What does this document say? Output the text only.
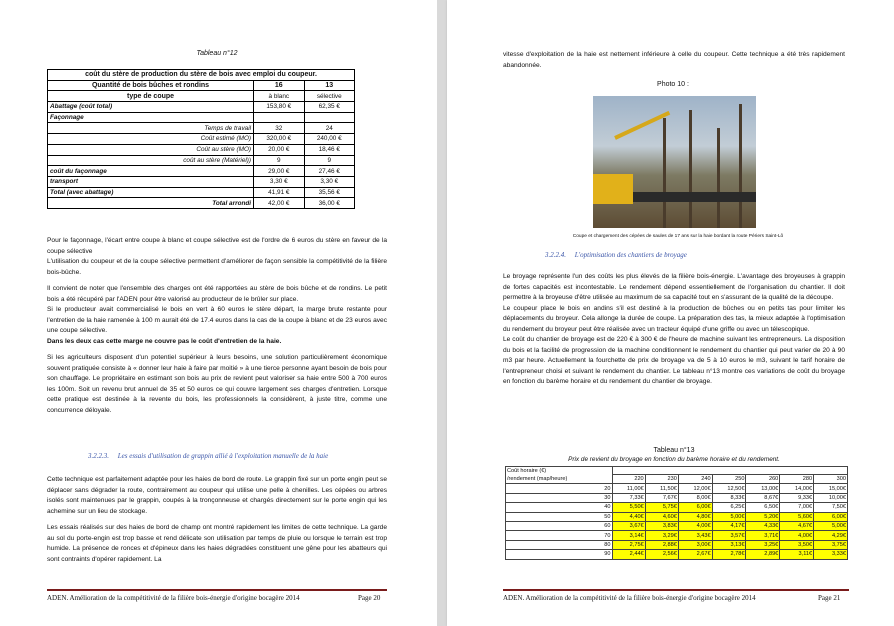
Tableau n°12
coût du stère de production du stère de bois avec emploi du coupeur.		
Quantité de bois bûches et rondins	16	13
type de coupe	à blanc	sélective
Abattage (coût total)	153,80 €	62,35 €
Façonnage		
Temps de travail	32	24
Coût estimé (MO)	320,00 €	240,00 €
Coût au stère (MO)	20,00 €	18,46 €
coût au stère (Matériel))	9	9
coût du façonnage	29,00 €	27,46 €
transport	3,30 €	3,30 €
Total (avec abattage)	41,91 €	35,56 €
Total arrondi	42,00 €	36,00 €

Pour le façonnage, l'écart entre coupe à blanc et coupe sélective est de l'ordre de 6 euros du stère en faveur de la coupe sélective

L'utilisation du coupeur et de la coupe sélective permettent d'améliorer de façon sensible la compétitivité de la filière bois-bûche.

Il convient de noter que l'ensemble des charges ont été rapportées au stère de bois bûche et de rondins. Le petit bois a été récupéré par l'ADEN pour être valorisé au producteur de le brûler sur place.

Si le producteur avait commercialisé le bois en vert à 60 euros le stère départ, la marge brute restante pour l'entretien de la haie ramenée à 100 m aurait été de 17.4 euros dans la cas de la coupe à blanc et de 23 euros avec une coupe sélective.

Dans les deux cas cette marge ne couvre pas le coût d'entretien de la haie.

Si les agriculteurs disposent d'un potentiel supérieur à leurs besoins, une solution particulièrement économique souvent pratiquée consiste à « donner leur haie à faire par moitié » à une tierce personne ayant besoin de bois pour son chauffage. Le propriétaire en estimant son bois au prix de revient peut valoriser sa haie entre 500 à 700 euros les 100m. Soit un revenu brut annuel de 35 et 50 euros ce qui couvre largement ses charges d'entretien. Lorsque cette pratique est destinée à la revente du bois, les professionnels la considèrent, à juste titre, comme une concurrence déloyale.

3.2.2.3. Les essais d'utilisation de grappin allié à l'exploitation manuelle de la haie

Cette technique est parfaitement adaptée pour les haies de bord de route. Le grappin fixé sur un porte engin peut se déplacer sans dégrader la route, contrairement au coupeur qui utilise une pelle à chenilles. Les cépées ou arbres isolés sont maintenues par le grappin, coupés à la tronçonneuse et chargés directement sur le porte engin qui les achemine sur un lieu de stockage.

Les essais réalisés sur des haies de bord de champ ont montré rapidement les limites de cette technique. La garde au sol du porte-engin est trop basse et rend délicate son utilisation par temps de pluie ou lorsque le terrain est trop humide. La présence de ronces et d'épineux dans les haies dégradées constituent une gêne pour les abatteurs qui sont contraints d'opérer rapidement. La

ADEN. Amélioration de la compétitivité de la filière bois-énergie d'origine bocagère 2014	Page 20
vitesse d'exploitation de la haie est nettement inférieure à celle du coupeur. Cette technique a été très rapidement abandonnée.
Photo 10 :
Coupe et chargement des cépées de saules de 17 ans sur la haie bordant la route Périers Saint-Lô
3.2.2.4. L'optimisation des chantiers de broyage

Le broyage représente l'un des coûts les plus élevés de la filière bois-énergie. L'avantage des broyeuses à grappin de fortes capacités est incontestable. Le rendement dépend essentiellement de l'organisation du chantier. Il doit permettre à la broyeuse d'être utilisée au maximum de sa capacité tout en s'assurant de la qualité de la découpe.

Le coupeur place le bois en andins s'il est destiné à la production de bûches ou en petits tas pour limiter les déplacements du broyeur. Cela allonge la durée de coupe. La préparation des tas, la mieux adaptée à l'optimisation du rendement du broyeur peut être réalisée avec un tracteur équipé d'une griffe ou avec un télescopique.

Le coût du chantier de broyage est de 220 € à 300 € de l'heure de machine suivant les entrepreneurs. La disposition du bois et la facilité de progression de la machine conditionnent le rendement du chantier qui peut varier de 20 à 90 m3 par heure. Actuellement la fourchette de prix de broyage va de 5 à 10 euros le m3, suivant le tarif horaire de l'entrepreneur choisi et suivant le rendement du chantier. Le tableau n°13 montre ces variations de coût du broyage en fonction du barème horaire et du rendement du chantier de broyage.

Tableau n°13
Prix de revient du broyage en fonction du barème horaire et du rendement.
Coût horaire (€)
/rendement (map/heure)							

	220	230	240	250	260	280	300
20	11,00€	11,50€	12,00€	12,50€	13,00€	14,00€	15,00€
30	7,33€	7,67€	8,00€	8,33€	8,67€	9,33€	10,00€
40	5,50€	5,75€	6,00€	6,25€	6,50€	7,00€	7,50€
50	4,40€	4,60€	4,80€	5,00€	5,20€	5,60€	6,00€
60	3,67€	3,83€	4,00€	4,17€	4,33€	4,67€	5,00€
70	3,14€	3,29€	3,43€	3,57€	3,71€	4,00€	4,29€
80	2,75€	2,88€	3,00€	3,13€	3,25€	3,50€	3,75€
90	2,44€	2,56€	2,67€	2,78€	2,89€	3,11€	3,33€
ADEN. Amélioration de la compétitivité de la filière bois-énergie d'origine bocagère 2014	Page 21
